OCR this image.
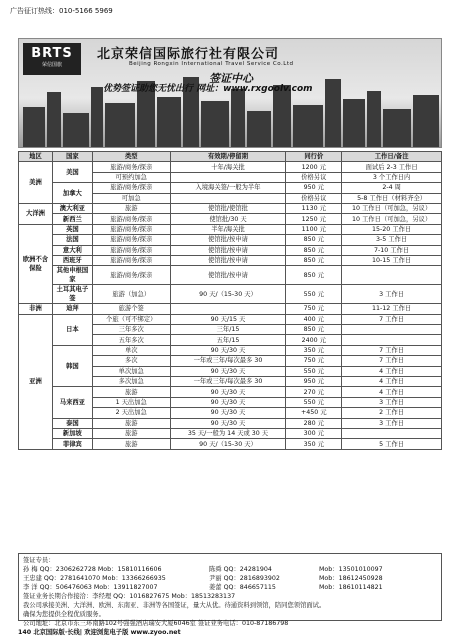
广告征订热线：010-5166 5969
BRTS
荣信国旅
北京荣信国际旅行社有限公司
Beijing Rongxin International Travel Service Co.Ltd
签证中心
优势签证助您无忧出行 网址：www.rxgoolv.com
地区	国家	类型	有效期/停留期	同行价	工作日/备注
美洲	美国	旅游/商务/探亲	十年/海关批	1200 元	面试后 2-3 工作日
		可预约加急		价格另议	3 个工作日内
	加拿大	旅游/商务/探亲	入境海关签/一般为半年	950 元	2-4 周
		可加急		价格另议	5-8 工作日（材料齐全）
大洋洲	澳大利亚	旅游	使馆批/使馆批	1130 元	10 工作日（可加急，另议）
	新西兰	旅游/商务/探亲	使馆批/30 天	1250 元	10 工作日（可加急，另议）
欧洲不含保险	英国	旅游/商务/探亲	半年/海关批	1100 元	15-20 工作日
	法国	旅游/商务/探亲	使馆批/按申请	850 元	3-5 工作日
	意大利	旅游/商务/探亲	使馆批/按申请	850 元	7-10 工作日
	西班牙	旅游/商务/探亲	使馆批/按申请	850 元	10-15 工作日
	其他申根国家	旅游/商务/探亲	使馆批/按申请	850 元	
	土耳其电子签	旅游（加急）	90 天/（15-30 天）	550 元	3 工作日
非洲	迪拜	旅游个签		750 元	11-12 工作日
亚洲	日本	个旅（可不绑定）	90 天/15 天	400 元	7 工作日
		三年多次	三年/15	850 元	
		五年多次	五年/15	2400 元	
	韩国	单次	90 天/30 天	350 元	7 工作日
		多次	一年或三年/每次最多 30	750 元	7 工作日
		单次加急	90 天/30 天	550 元	4 工作日
		多次加急	一年或三年/每次最多 30	950 元	4 工作日
	马来西亚	旅游	90 天/30 天	270 元	4 工作日
		1 天出加急	90 天/30 天	550 元	3 工作日
		2 天出加急	90 天/30 天	+450 元	2 工作日
	泰国	旅游	90 天/30 天	280 元	3 工作日
	新加坡	旅游	35 天/一般为 14 天或 30 天	300 元	
	菲律宾	旅游	90 天/（15-30 天）	350 元	5 工作日
签证专员：
孙 梅 QQ：2306262728 Mob：15810116606	陈舜 QQ：24281904	Mob：13501010097
王忠建 QQ：2781641070 Mob：13366266935	尹丽 QQ：2816893902	Mob：18612450928
李 洋 QQ：506476063 Mob：13911827007	姜蕾 QQ：846657115	Mob：18610114821
签证业务长期合作接洽：李经理 QQ：1016827675 Mob：18513283137
我公司承接美洲、大洋洲、欧洲、东南亚、非洲等各国签证，量大从优。待通资料到领馆，陪同您领馆面试。
确保为您提供全程优质服务。
公司地址：北京市东三环南路102号强强酒店瑞安大厦6046室 签证业务电话：010-87186798
140 北京国际版·长线| 欢迎浏览电子版 www.zyoo.net
